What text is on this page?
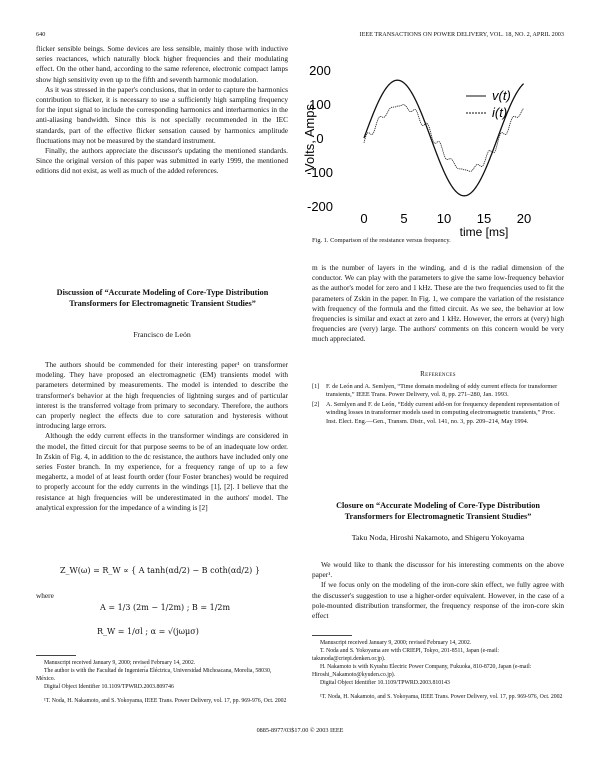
640	IEEE TRANSACTIONS ON POWER DELIVERY, VOL. 18, NO. 2, APRIL 2003

flicker sensible beings. Some devices are less sensible, mainly those with inductive series reactances, which naturally block higher frequencies and their modulating effect. On the other hand, according to the same reference, electronic compact lamps show high sensitivity even up to the fifth and seventh harmonic modulation.

As it was stressed in the paper's conclusions, that in order to capture the harmonics contribution to flicker, it is necessary to use a sufficiently high sampling frequency for the input signal to include the corresponding harmonics and interharmonics in the anti-aliasing bandwidth. Since this is not specially recommended in the IEC standards, part of the effective flicker sensation caused by harmonics amplitude fluctuations may not be measured by the standard instrument.

Finally, the authors appreciate the discussor's updating the mentioned standards. Since the original version of this paper was submitted in early 1999, the mentioned editions did not exist, as well as much of the added references.

Discussion of “Accurate Modeling of Core-Type Distribution Transformers for Electromagnetic Transient Studies”
Francisco de León

The authors should be commended for their interesting paper¹ on transformer modeling. They have proposed an electromagnetic (EM) transients model with parameters determined by measurements. The model is intended to describe the transformer's behavior at the high frequencies of lightning surges and of particular interest is the transferred voltage from primary to secondary. Therefore, the authors can properly neglect the effects due to core saturation and hysteresis without introducing large errors.

Although the eddy current effects in the transformer windings are considered in the model, the fitted circuit for that purpose seems to be of an inadequate low order. In Zskin of Fig. 4, in addition to the dc resistance, the authors have included only one series Foster branch. In my experience, for a frequency range of up to a few megahertz, a model of at least fourth order (four Foster branches) would be required to properly account for the eddy currents in the windings [1], [2]. I believe that the resistance at high frequencies will be underestimated in the authors' model. The analytical expression for the impedance of a winding is [2]

Z_W(ω) = R_W ∝ { A tanh(αd/2) − B coth(αd/2) }
where
A = 1/3 (2m − 1/2m) ; B = 1/2m
R_W = 1/σl ; α = √(jωμσ)

Manuscript received January 9, 2000; revised February 14, 2002.

The author is with the Facultad de Ingenierı́a Eléctrica, Universidad Michoacana, Morelia, 58030, México.

Digital Object Identifier 10.1109/TPWRD.2003.809746

¹T. Noda, H. Nakamoto, and S. Yokoyama, IEEE Trans. Power Delivery, vol. 17, pp. 969-976, Oct. 2002

200
100
0
-100
-200
0	5 10 15 20
Volts, Amps
time [ms]
v(t)
i(t)
Fig. 1. Comparison of the resistance versus frequency.

m is the number of layers in the winding, and d is the radial dimension of the conductor. We can play with the parameters to give the same low-frequency behavior as the author's model for zero and 1 kHz. These are the two frequencies used to fit the parameters of Zskin in the paper. In Fig. 1, we compare the variation of the resistance with frequency of the formula and the fitted circuit. As we see, the behavior at low frequencies is similar and exact at zero and 1 kHz. However, the errors at (very) high frequencies are (very) large. The authors' comments on this concern would be very much appreciated.

References
[1]	F. de León and A. Semlyen, “Time domain modeling of eddy current effects for transformer transients,” IEEE Trans. Power Delivery, vol. 8, pp. 271–280, Jan. 1993.
[2]	A. Semlyen and F. de León, “Eddy current add-on for frequency dependent representation of winding losses in transformer models used in computing electromagnetic transients,” Proc. Inst. Elect. Eng.—Gen., Transm. Distr., vol. 141, no. 3, pp. 209–214, May 1994.
Closure on “Accurate Modeling of Core-Type Distribution Transformers for Electromagnetic Transient Studies”
Taku Noda, Hiroshi Nakamoto, and Shigeru Yokoyama

We would like to thank the discussor for his interesting comments on the above paper¹.

If we focus only on the modeling of the iron-core skin effect, we fully agree with the discusser's suggestion to use a higher-order equivalent. However, in the case of a pole-mounted distribution transformer, the frequency response of the iron-core skin effect

Manuscript received January 9, 2000; revised February 14, 2002.

T. Noda and S. Yokoyama are with CRIEPI, Tokyo, 201-8511, Japan (e-mail: takunoda@criepi.denken.or.jp).

H. Nakamoto is with Kyushu Electric Power Company, Fukuoka, 810-8720, Japan (e-mail: Hiroshi_Nakamoto@kyuden.co.jp).

Digital Object Identifier 10.1109/TPWRD.2003.810143

¹T. Noda, H. Nakamoto, and S. Yokoyama, IEEE Trans. Power Delivery, vol. 17, pp. 969-976, Oct. 2002

0885-8977/03$17.00 © 2003 IEEE
